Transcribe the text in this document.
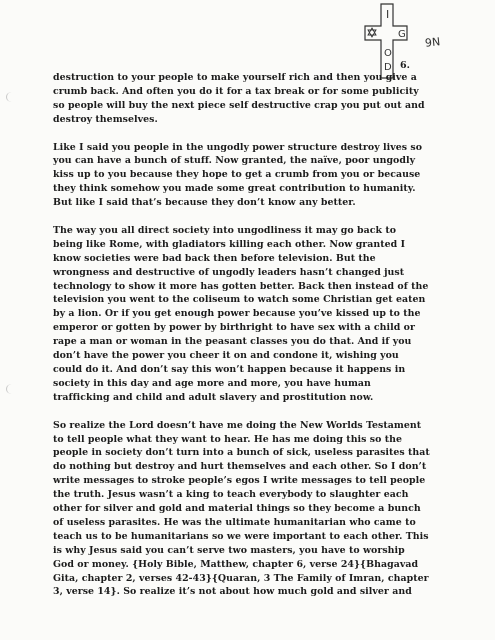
I
G
O
D
9N
6.

destruction to your people to make yourself rich and then you give a
crumb back. And often you do it for a tax break or for some publicity
so people will buy the next piece self destructive crap you put out and
destroy themselves.

Like I said you people in the ungodly power structure destroy lives so
you can have a bunch of stuff. Now granted, the naïve, poor ungodly
kiss up to you because they hope to get a crumb from you or because
they think somehow you made some great contribution to humanity.
But like I said that’s because they don’t know any better.

The way you all direct society into ungodliness it may go back to
being like Rome, with gladiators killing each other. Now granted I
know societies were bad back then before television. But the
wrongness and destructive of ungodly leaders hasn’t changed just
technology to show it more has gotten better. Back then instead of the
television you went to the coliseum to watch some Christian get eaten
by a lion. Or if you get enough power because you’ve kissed up to the
emperor or gotten by power by birthright to have sex with a child or
rape a man or woman in the peasant classes you do that. And if you
don’t have the power you cheer it on and condone it, wishing you
could do it. And don’t say this won’t happen because it happens in
society in this day and age more and more, you have human
trafficking and child and adult slavery and prostitution now.

So realize the Lord doesn’t have me doing the New Worlds Testament
to tell people what they want to hear. He has me doing this so the
people in society don’t turn into a bunch of sick, useless parasites that
do nothing but destroy and hurt themselves and each other. So I don’t
write messages to stroke people’s egos I write messages to tell people
the truth. Jesus wasn’t a king to teach everybody to slaughter each
other for silver and gold and material things so they become a bunch
of useless parasites. He was the ultimate humanitarian who came to
teach us to be humanitarians so we were important to each other. This
is why Jesus said you can’t serve two masters, you have to worship
God or money. {Holy Bible, Matthew, chapter 6, verse 24}{Bhagavad
Gita, chapter 2, verses 42-43}{Quaran, 3 The Family of Imran, chapter
3, verse 14}. So realize it’s not about how much gold and silver and
